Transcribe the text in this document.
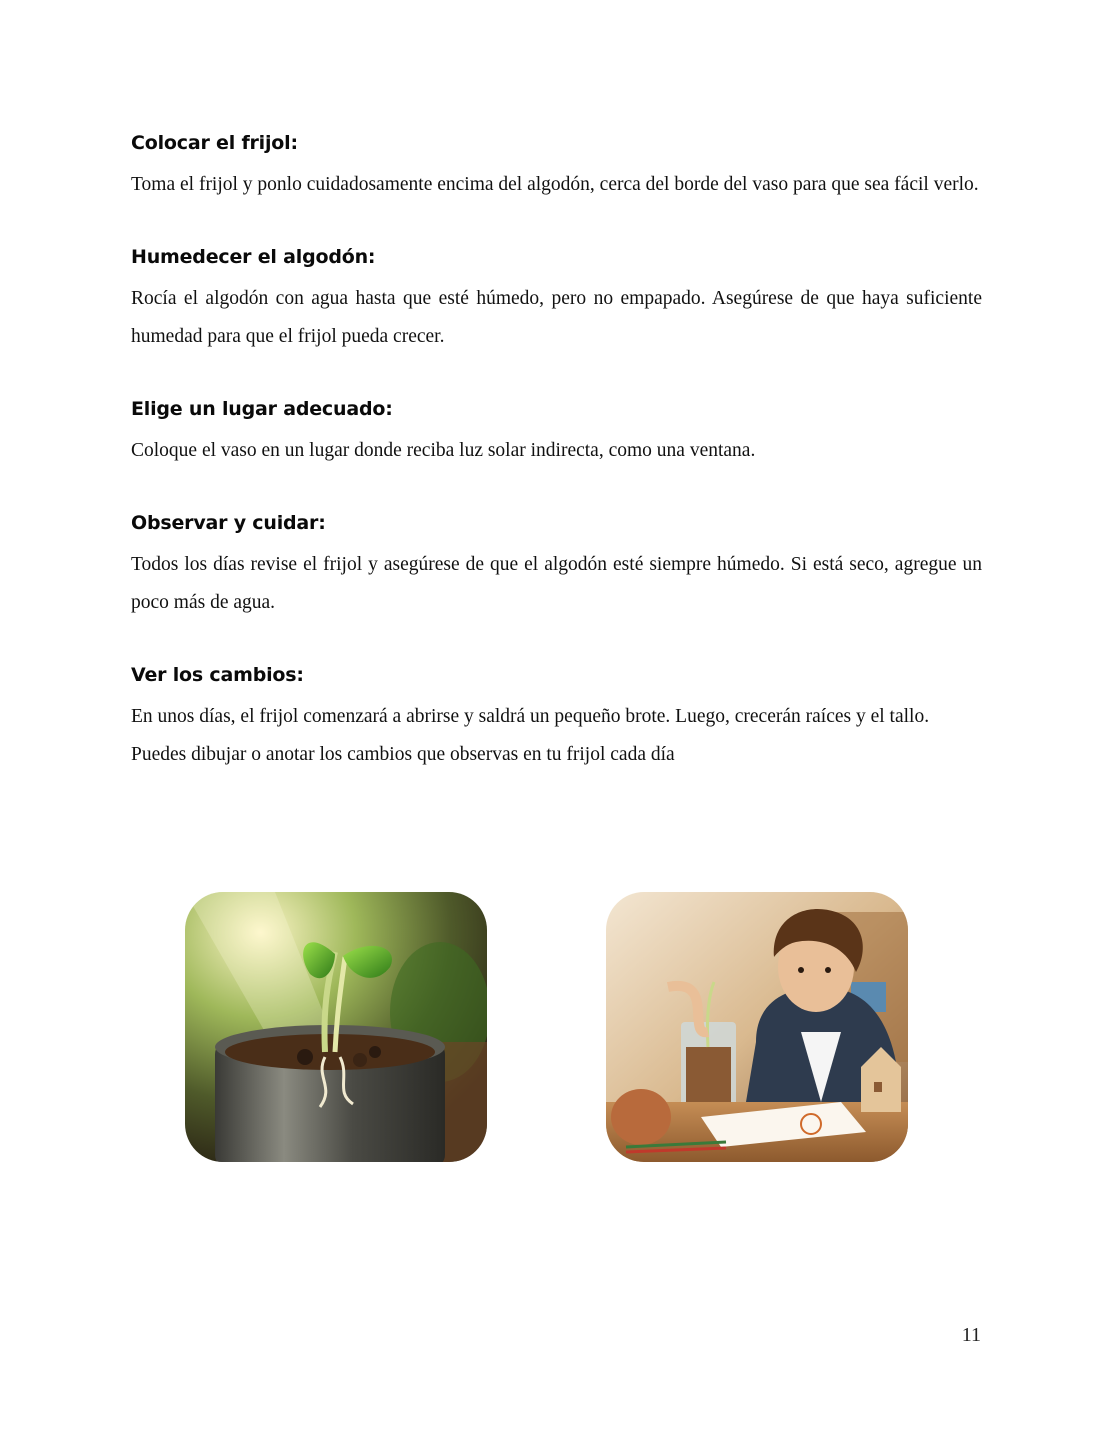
Colocar el frijol:

Toma el frijol y ponlo cuidadosamente encima del algodón, cerca del borde del vaso para que sea fácil verlo.

Humedecer el algodón:

Rocía el algodón con agua hasta que esté húmedo, pero no empapado. Asegúrese de que haya suficiente humedad para que el frijol pueda crecer.

Elige un lugar adecuado:

Coloque el vaso en un lugar donde reciba luz solar indirecta, como una ventana.

Observar y cuidar:

Todos los días revise el frijol y asegúrese de que el algodón esté siempre húmedo. Si está seco, agregue un poco más de agua.

Ver los cambios:

En unos días, el frijol comenzará a abrirse y saldrá un pequeño brote. Luego, crecerán raíces y el tallo.

Puedes dibujar o anotar los cambios que observas en tu frijol cada día

11
